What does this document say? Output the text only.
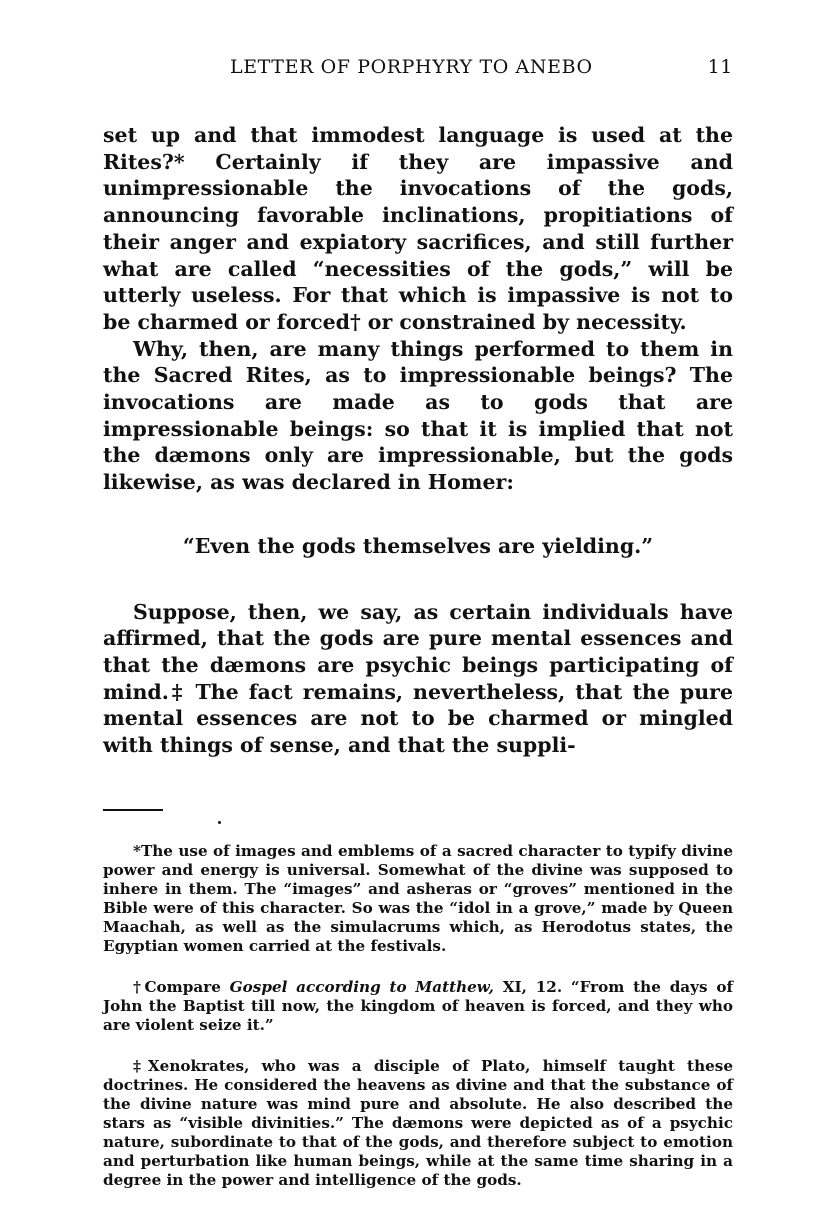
LETTER OF PORPHYRY TO ANEBO	11

set up and that immodest language is used at the Rites?* Certainly if they are impassive and unimpressionable the invocations of the gods, announcing favorable inclinations, propitiations of their anger and expiatory sacrifices, and still further what are called “necessities of the gods,” will be utterly useless. For that which is impassive is not to be charmed or forced† or constrained by necessity.

Why, then, are many things performed to them in the Sacred Rites, as to impressionable beings? The invocations are made as to gods that are impressionable beings: so that it is implied that not the dæmons only are impressionable, but the gods likewise, as was declared in Homer:

“Even the gods themselves are yielding.”

Suppose, then, we say, as certain individuals have affirmed, that the gods are pure mental essences and that the dæmons are psychic beings participating of mind.‡ The fact remains, nevertheless, that the pure mental essences are not to be charmed or mingled with things of sense, and that the suppli-

*The use of images and emblems of a sacred character to typify divine power and energy is universal. Somewhat of the divine was supposed to inhere in them. The “images” and asheras or “groves” mentioned in the Bible were of this character. So was the “idol in a grove,” made by Queen Maachah, as well as the simulacrums which, as Herodotus states, the Egyptian women carried at the festivals.

†Compare Gospel according to Matthew, XI, 12. “From the days of John the Baptist till now, the kingdom of heaven is forced, and they who are violent seize it.”

‡Xenokrates, who was a disciple of Plato, himself taught these doctrines. He considered the heavens as divine and that the substance of the divine nature was mind pure and absolute. He also described the stars as “visible divinities.” The dæmons were depicted as of a psychic nature, subordinate to that of the gods, and therefore subject to emotion and perturbation like human beings, while at the same time sharing in a degree in the power and intelligence of the gods.
